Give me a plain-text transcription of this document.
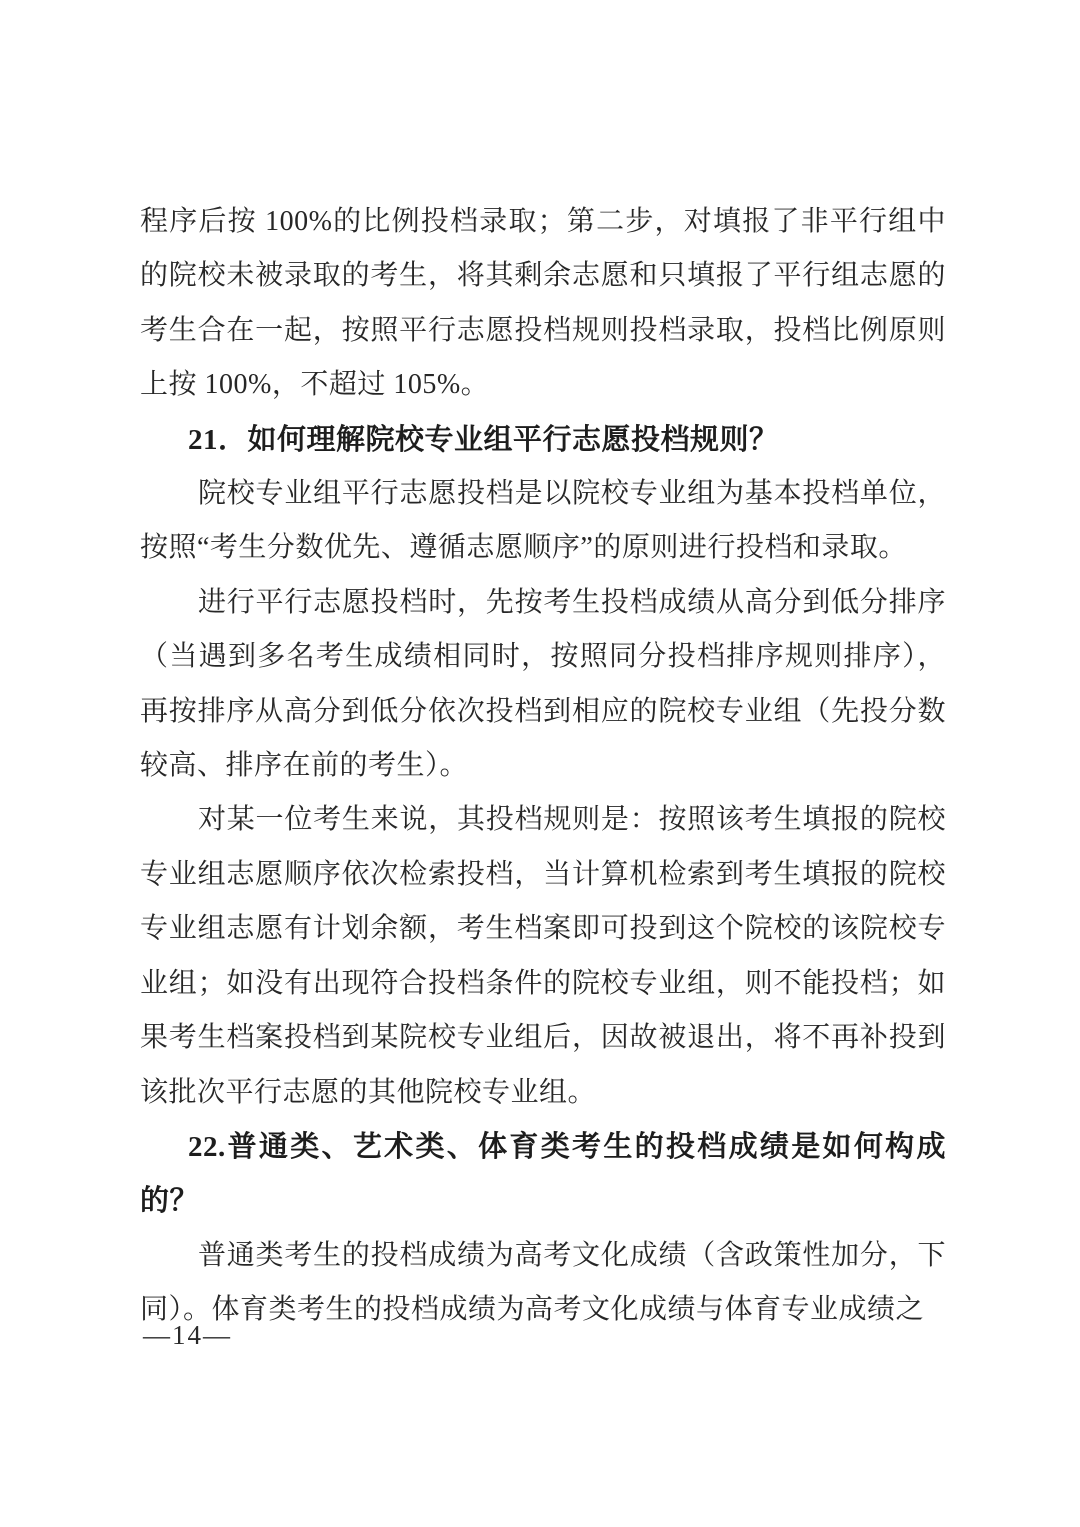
程序后按 100%的比例投档录取；第二步，对填报了非平行组中的院校未被录取的考生，将其剩余志愿和只填报了平行组志愿的考生合在一起，按照平行志愿投档规则投档录取，投档比例原则上按 100%，不超过 105%。

21．如何理解院校专业组平行志愿投档规则？

院校专业组平行志愿投档是以院校专业组为基本投档单位，按照“考生分数优先、遵循志愿顺序”的原则进行投档和录取。

进行平行志愿投档时，先按考生投档成绩从高分到低分排序（当遇到多名考生成绩相同时，按照同分投档排序规则排序），再按排序从高分到低分依次投档到相应的院校专业组（先投分数较高、排序在前的考生）。

对某一位考生来说，其投档规则是：按照该考生填报的院校专业组志愿顺序依次检索投档，当计算机检索到考生填报的院校专业组志愿有计划余额，考生档案即可投到这个院校的该院校专业组；如没有出现符合投档条件的院校专业组，则不能投档；如果考生档案投档到某院校专业组后，因故被退出，将不再补投到该批次平行志愿的其他院校专业组。

22.普通类、艺术类、体育类考生的投档成绩是如何构成的？

普通类考生的投档成绩为高考文化成绩（含政策性加分，下同）。体育类考生的投档成绩为高考文化成绩与体育专业成绩之

—14—
